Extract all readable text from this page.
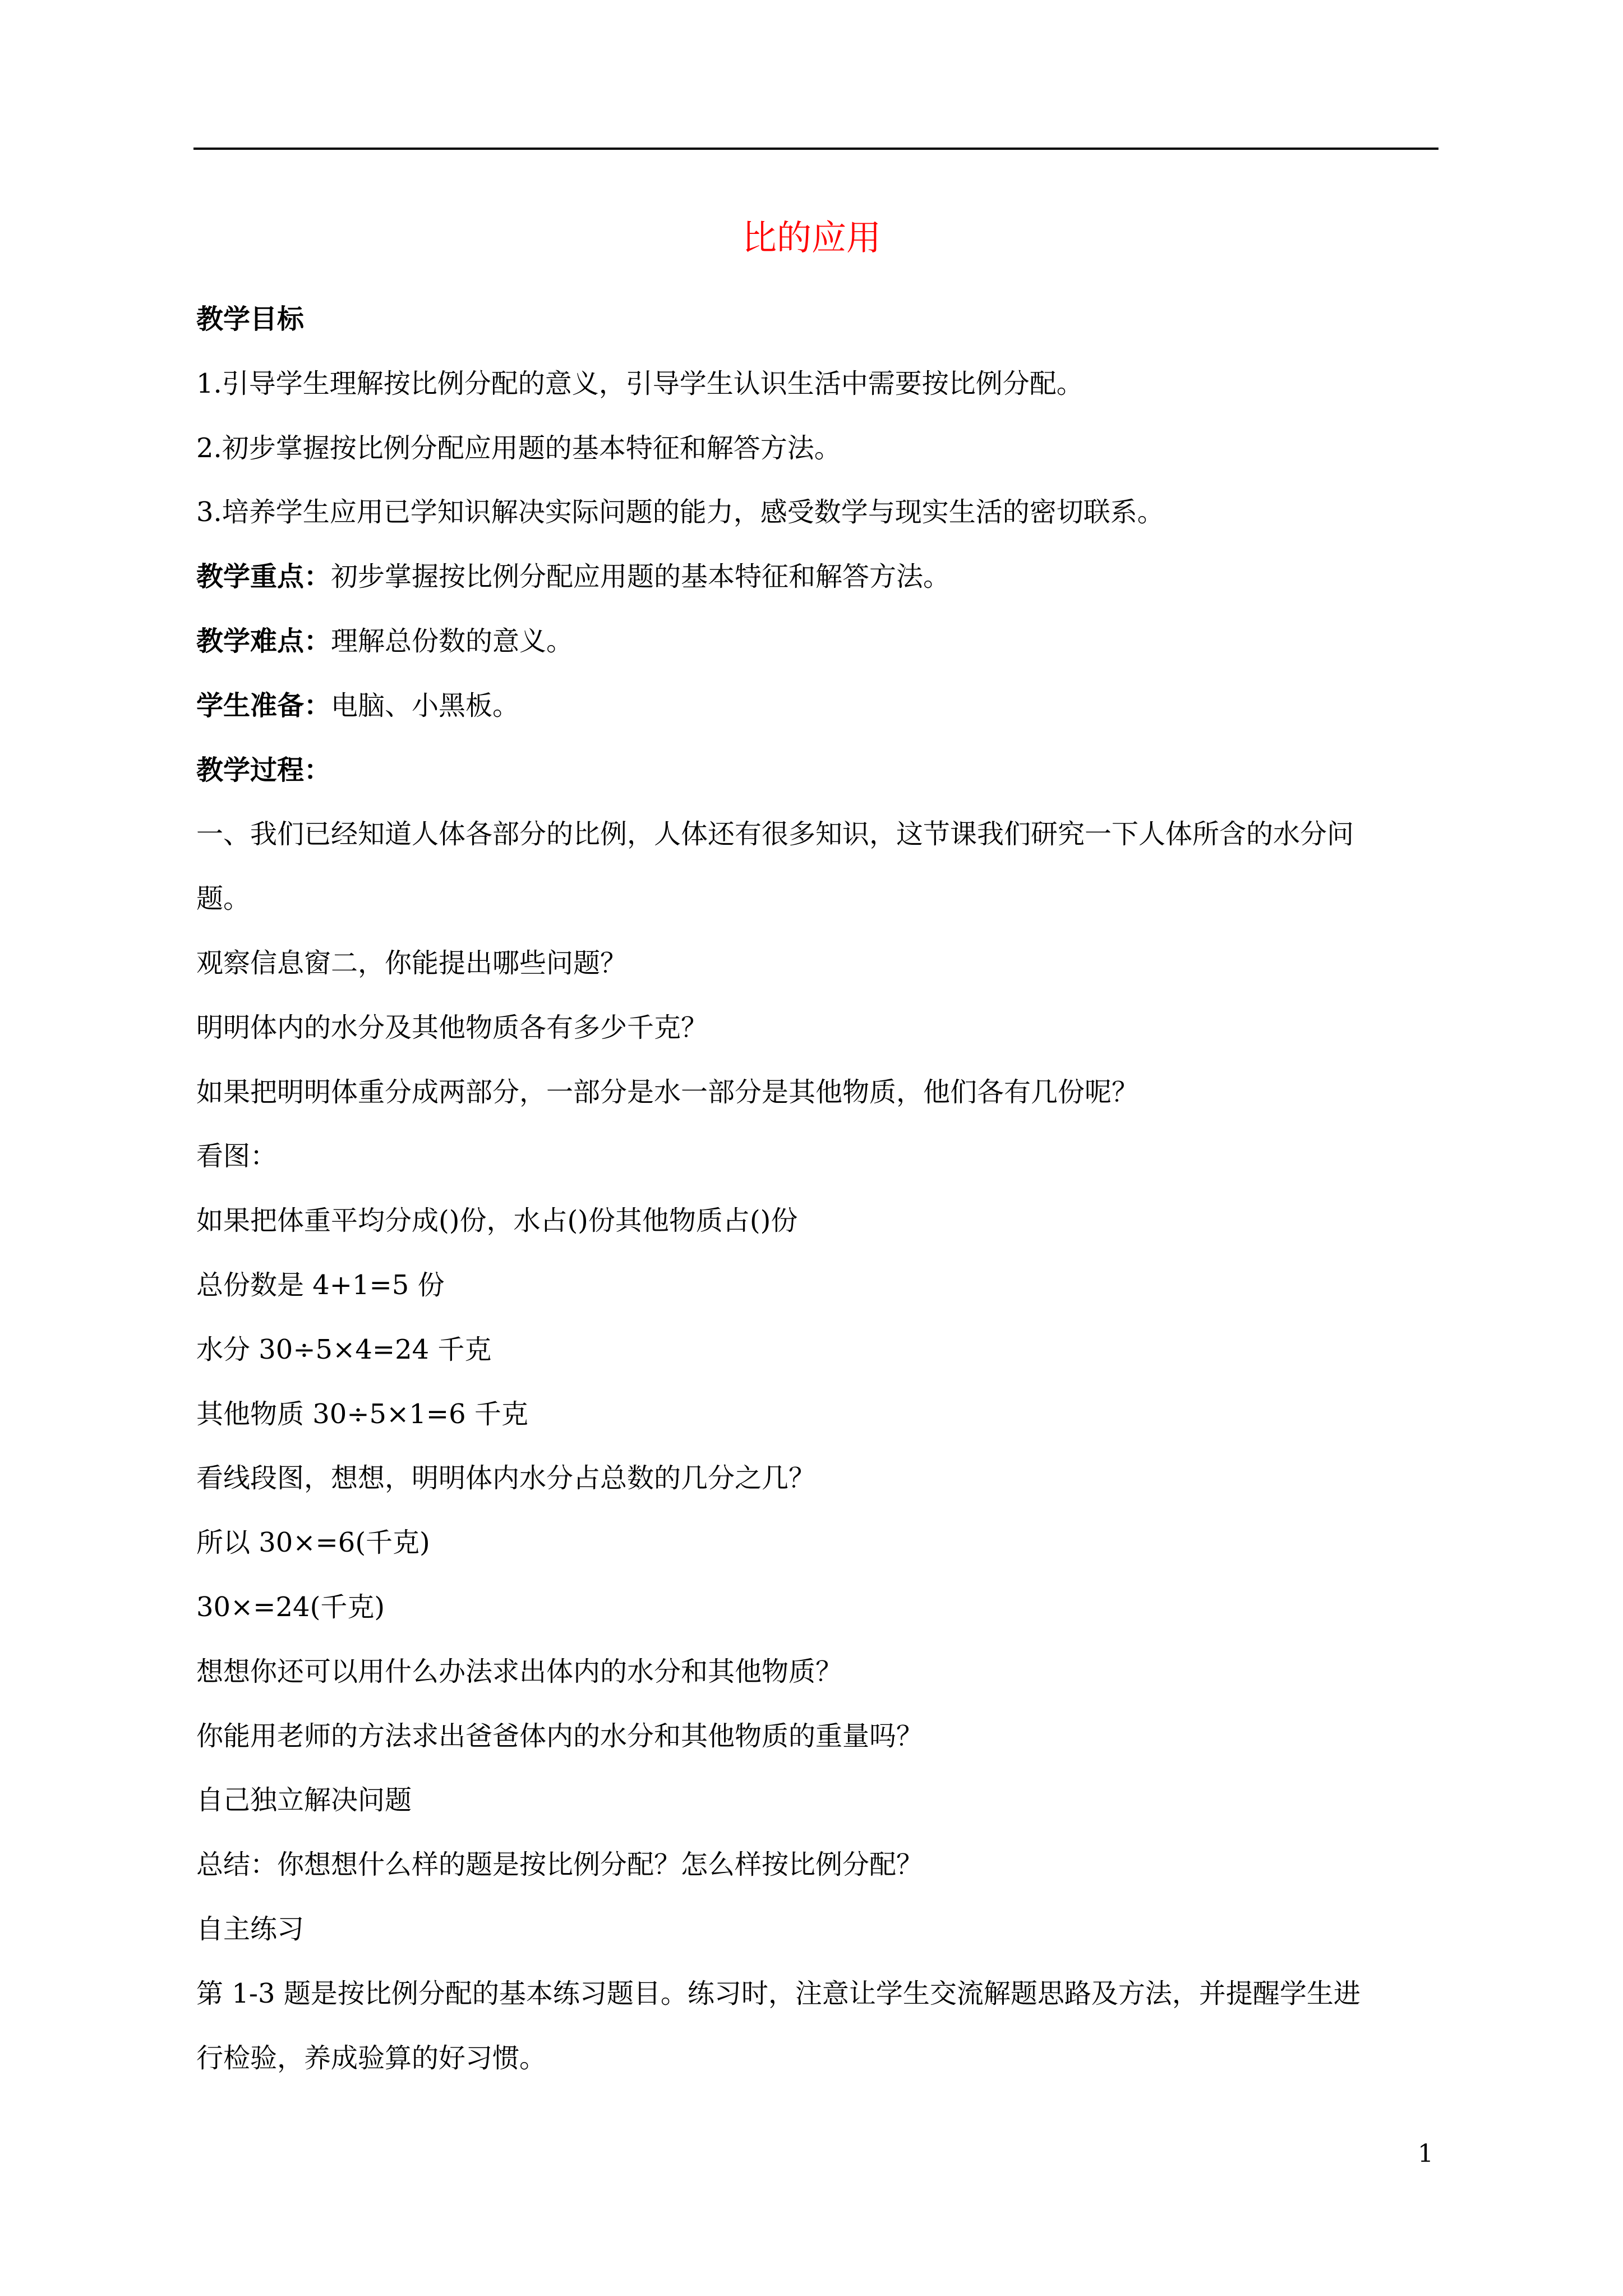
比的应用
教学目标
1.引导学生理解按比例分配的意义，引导学生认识生活中需要按比例分配。
2.初步掌握按比例分配应用题的基本特征和解答方法。
3.培养学生应用已学知识解决实际问题的能力，感受数学与现实生活的密切联系。
教学重点：初步掌握按比例分配应用题的基本特征和解答方法。
教学难点：理解总份数的意义。
学生准备：电脑、小黑板。
教学过程：
一、我们已经知道人体各部分的比例，人体还有很多知识，这节课我们研究一下人体所含的水分问
题。
观察信息窗二，你能提出哪些问题？
明明体内的水分及其他物质各有多少千克？
如果把明明体重分成两部分，一部分是水一部分是其他物质，他们各有几份呢？
看图：
如果把体重平均分成()份，水占()份其他物质占()份
总份数是 4+1=5 份
水分 30÷5×4=24 千克
其他物质 30÷5×1=6 千克
看线段图，想想，明明体内水分占总数的几分之几？
所以 30×=6(千克)
30×=24(千克)
想想你还可以用什么办法求出体内的水分和其他物质？
你能用老师的方法求出爸爸体内的水分和其他物质的重量吗？
自己独立解决问题
总结：你想想什么样的题是按比例分配？怎么样按比例分配？
自主练习
第 1-3 题是按比例分配的基本练习题目。练习时，注意让学生交流解题思路及方法，并提醒学生进
行检验，养成验算的好习惯。
1
